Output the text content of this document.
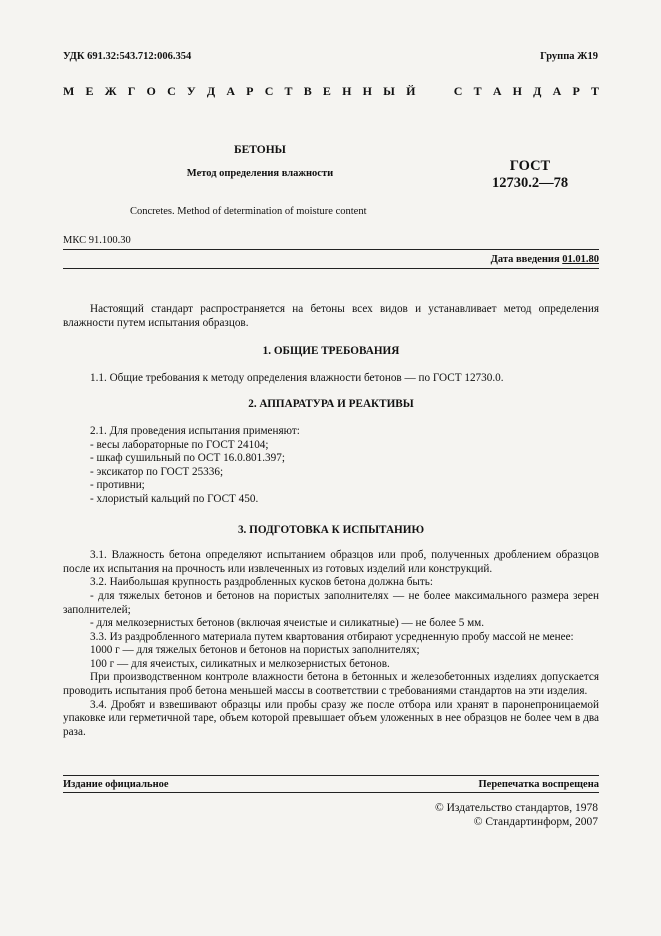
УДК 691.32:543.712:006.354	Группа Ж19
М Е Ж Г О С У Д А Р С Т В Е Н Н Ы Й	С Т А Н Д А Р Т
БЕТОНЫ
Метод определения влажности	ГОСТ
12730.2—78
Concretes. Method of determination of moisture content
МКС 91.100.30
Дата введения 01.01.80

Настоящий стандарт распространяется на бетоны всех видов и устанавливает метод определения влажности путем испытания образцов.

1. ОБЩИЕ ТРЕБОВАНИЯ

1.1. Общие требования к методу определения влажности бетонов — по ГОСТ 12730.0.

2. АППАРАТУРА И РЕАКТИВЫ

2.1. Для проведения испытания применяют:

- весы лабораторные по ГОСТ 24104;

- шкаф сушильный по ОСТ 16.0.801.397;

- эксикатор по ГОСТ 25336;

- противни;

- хлористый кальций по ГОСТ 450.

3. ПОДГОТОВКА К ИСПЫТАНИЮ

3.1. Влажность бетона определяют испытанием образцов или проб, полученных дроблением образцов после их испытания на прочность или извлеченных из готовых изделий или конструкций.

3.2. Наибольшая крупность раздробленных кусков бетона должна быть:

- для тяжелых бетонов и бетонов на пористых заполнителях — не более максимального размера зерен заполнителей;

- для мелкозернистых бетонов (включая ячеистые и силикатные) — не более 5 мм.

3.3. Из раздробленного материала путем квартования отбирают усредненную пробу массой не менее:

1000 г — для тяжелых бетонов и бетонов на пористых заполнителях;

100 г — для ячеистых, силикатных и мелкозернистых бетонов.

При производственном контроле влажности бетона в бетонных и железобетонных изделиях допускается проводить испытания проб бетона меньшей массы в соответствии с требованиями стандартов на эти изделия.

3.4. Дробят и взвешивают образцы или пробы сразу же после отбора или хранят в паронепроницаемой упаковке или герметичной таре, объем которой превышает объем уложенных в нее образцов не более чем в два раза.

Издание официальное	Перепечатка воспрещена
© Издательство стандартов, 1978
© Стандартинформ, 2007
